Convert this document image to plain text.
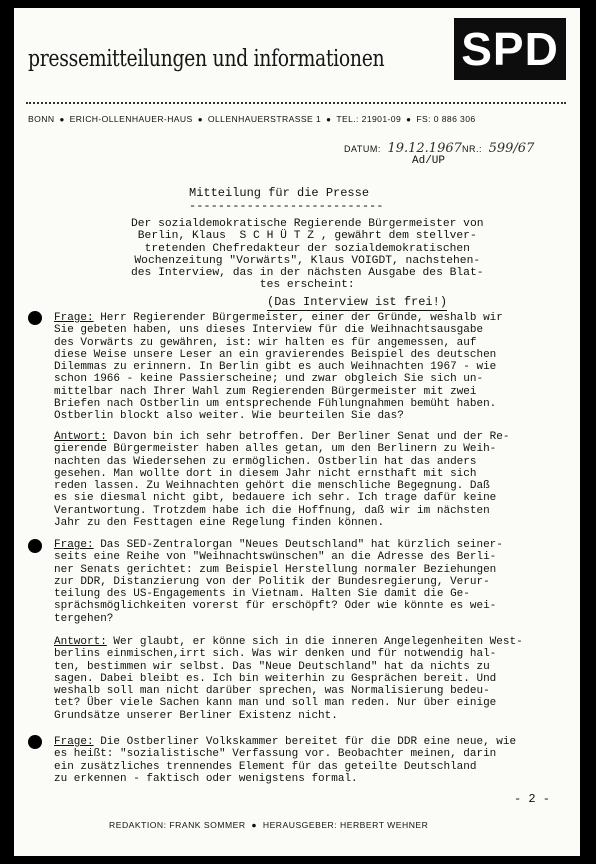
pressemitteilungen und informationen SPD
BONN ● ERICH-OLLENHAUER-HAUS ● OLLENHAUERSTRASSE 1 ● TEL.: 21901-09 ● FS: 0 886 306
DATUM: 19.12.1967 NR.: 599/67
Ad/UP
Mitteilung für die Presse
---------------------------
Der sozialdemokratische Regierende Bürgermeister von
Berlin, Klaus  S C H Ü T Z , gewährt dem stellver-
tretenden Chefredakteur der sozialdemokratischen
Wochenzeitung "Vorwärts", Klaus VOIGDT, nachstehen-
des Interview, das in der nächsten Ausgabe des Blat-
tes erscheint:
(Das Interview ist frei!)
Frage: Herr Regierender Bürgermeister, einer der Gründe, weshalb wir
Sie gebeten haben, uns dieses Interview für die Weihnachtsausgabe
des Vorwärts zu gewähren, ist: wir halten es für angemessen, auf
diese Weise unsere Leser an ein gravierendes Beispiel des deutschen
Dilemmas zu erinnern. In Berlin gibt es auch Weihnachten 1967 - wie
schon 1966 - keine Passierscheine; und zwar obgleich Sie sich un-
mittelbar nach Ihrer Wahl zum Regierenden Bürgermeister mit zwei
Briefen nach Ostberlin um entsprechende Fühlungnahmen bemüht haben.
Ostberlin blockt also weiter. Wie beurteilen Sie das?
Antwort: Davon bin ich sehr betroffen. Der Berliner Senat und der Re-
gierende Bürgermeister haben alles getan, um den Berlinern zu Weih-
nachten das Wiedersehen zu ermöglichen. Ostberlin hat das anders
gesehen. Man wollte dort in diesem Jahr nicht ernsthaft mit sich
reden lassen. Zu Weihnachten gehört die menschliche Begegnung. Daß
es sie diesmal nicht gibt, bedauere ich sehr. Ich trage dafür keine
Verantwortung. Trotzdem habe ich die Hoffnung, daß wir im nächsten
Jahr zu den Festtagen eine Regelung finden können.
Frage: Das SED-Zentralorgan "Neues Deutschland" hat kürzlich seiner-
seits eine Reihe von "Weihnachtswünschen" an die Adresse des Berli-
ner Senats gerichtet: zum Beispiel Herstellung normaler Beziehungen
zur DDR, Distanzierung von der Politik der Bundesregierung, Verur-
teilung des US-Engagements in Vietnam. Halten Sie damit die Ge-
sprächsmöglichkeiten vorerst für erschöpft? Oder wie könnte es wei-
tergehen?
Antwort: Wer glaubt, er könne sich in die inneren Angelegenheiten West-
berlins einmischen,irrt sich. Was wir denken und für notwendig hal-
ten, bestimmen wir selbst. Das "Neue Deutschland" hat da nichts zu
sagen. Dabei bleibt es. Ich bin weiterhin zu Gesprächen bereit. Und
weshalb soll man nicht darüber sprechen, was Normalisierung bedeu-
tet? Über viele Sachen kann man und soll man reden. Nur über einige
Grundsätze unserer Berliner Existenz nicht.
Frage: Die Ostberliner Volkskammer bereitet für die DDR eine neue, wie
es heißt: "sozialistische" Verfassung vor. Beobachter meinen, darin
ein zusätzliches trennendes Element für das geteilte Deutschland
zu erkennen - faktisch oder wenigstens formal.
- 2 -
REDAKTION: FRANK SOMMER  ●  HERAUSGEBER: HERBERT WEHNER
